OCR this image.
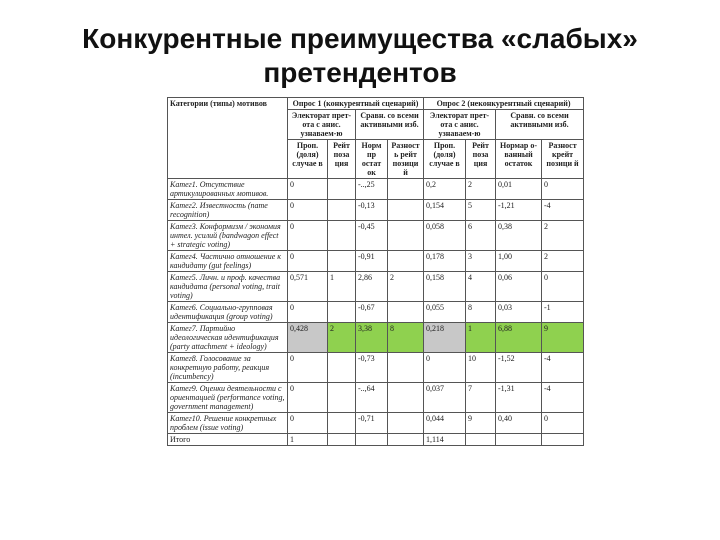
Конкурентные преимущества «слабых»
претендентов
Категории (типы) мотивов	Опрос 1 (конкурентный сценарий)				Опрос 2 (неконкурентный сценарий)			
	Электорат прет-ота с анис. узнаваем-ю		Сравн. со всеми активными изб.		Электорат прет-ота с анис. узнаваем-ю		Сравн. со всеми активными изб.	
	Проп. (доля) случае в	Рейт поза ция	Норм пр остат ок	Разност ь рейт позици й	Проп. (доля) случае в	Рейт поза ция	Нормар о- ванный остаток	Разност крейт позици й
Катег1. Отсутствие артикулированных мотивов.	0		-..,25		0,2	2	0,01	0
Катег2. Известность (name recognition)	0		-0,13		0,154	5	-1,21	-4
Катег3. Конформизм / экономия интел. усилий (bandwagon effect + strategic voting)	0		-0,45		0,058	6	0,38	2
Катег4. Частично отношение к кандидату (gut feelings)	0		-0,91		0,178	3	1,00	2
Катег5. Личн. и проф. качества кандидата (personal voting, trait voting)	0,571	1	2,86	2	0,158	4	0,06	0
Катег6. Социально-групповая идентификация (group voting)	0		-0,67		0,055	8	0,03	-1
Катег7. Партийно идеологическая идентификация (party attachment + ideology)	0,428	2	3,38	8	0,218	1	6,88	9
Катег8. Голосование за конкретную работу, реакция (incumbency)	0		-0,73		0	10	-1,52	-4
Катег9. Оценки деятельности с ориентацией (performance voting, government management)	0		-..,64		0,037	7	-1,31	-4
Катег10. Решение конкретных проблем (issue voting)	0		-0,71		0,044	9	0,40	0
Итого	1				1,114			
